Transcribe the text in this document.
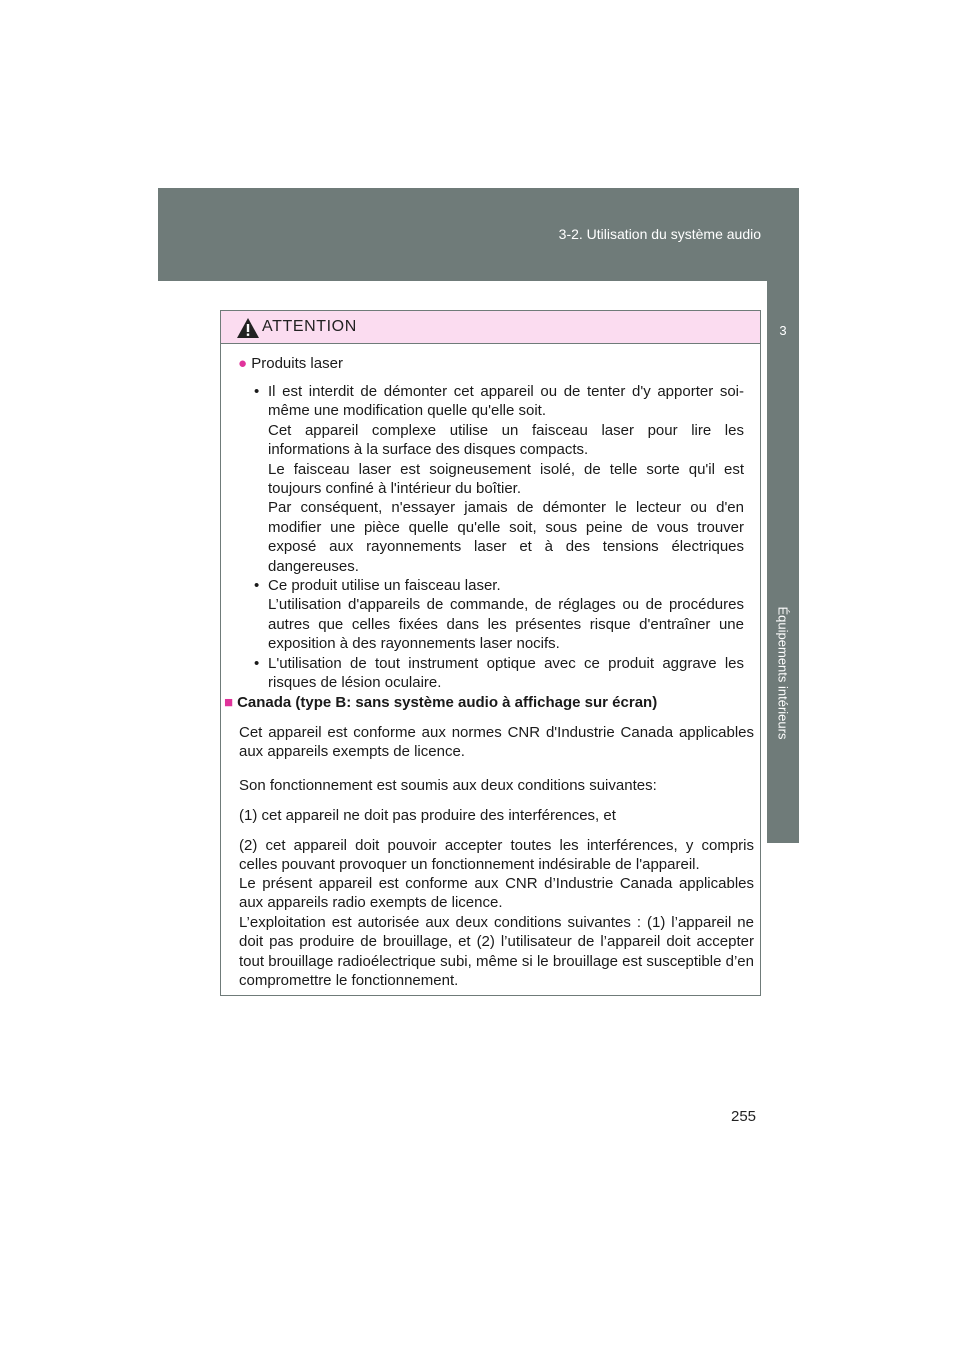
3-2. Utilisation du système audio
3
Équipements intérieurs
ATTENTION
● Produits laser
• Il est interdit de démonter cet appareil ou de tenter d'y apporter soi-même une modification quelle qu'elle soit.

Cet appareil complexe utilise un faisceau laser pour lire les informations à la surface des disques compacts.

Le faisceau laser est soigneusement isolé, de telle sorte qu'il est toujours confiné à l'intérieur du boîtier.

Par conséquent, n'essayer jamais de démonter le lecteur ou d'en modifier une pièce quelle qu'elle soit, sous peine de vous trouver exposé aux rayonnements laser et à des tensions électriques dangereuses.

• Ce produit utilise un faisceau laser.

L’utilisation d'appareils de commande, de réglages ou de procédures autres que celles fixées dans les présentes risque d'entraîner une exposition à des rayonnements laser nocifs.

• L'utilisation de tout instrument optique avec ce produit aggrave les risques de lésion oculaire.

■ Canada (type B: sans système audio à affichage sur écran)

Cet appareil est conforme aux normes CNR d'Industrie Canada applicables aux appareils exempts de licence.

Son fonctionnement est soumis aux deux conditions suivantes:

(1) cet appareil ne doit pas produire des interférences, et

(2) cet appareil doit pouvoir accepter toutes les interférences, y compris celles pouvant provoquer un fonctionnement indésirable de l'appareil.

Le présent appareil est conforme aux CNR d’Industrie Canada applicables aux appareils radio exempts de licence.
L’exploitation est autorisée aux deux conditions suivantes : (1) l’appareil ne doit pas produire de brouillage, et (2) l’utilisateur de l’appareil doit accepter tout brouillage radioélectrique subi, même si le brouillage est susceptible d’en compromettre le fonctionnement.
255
